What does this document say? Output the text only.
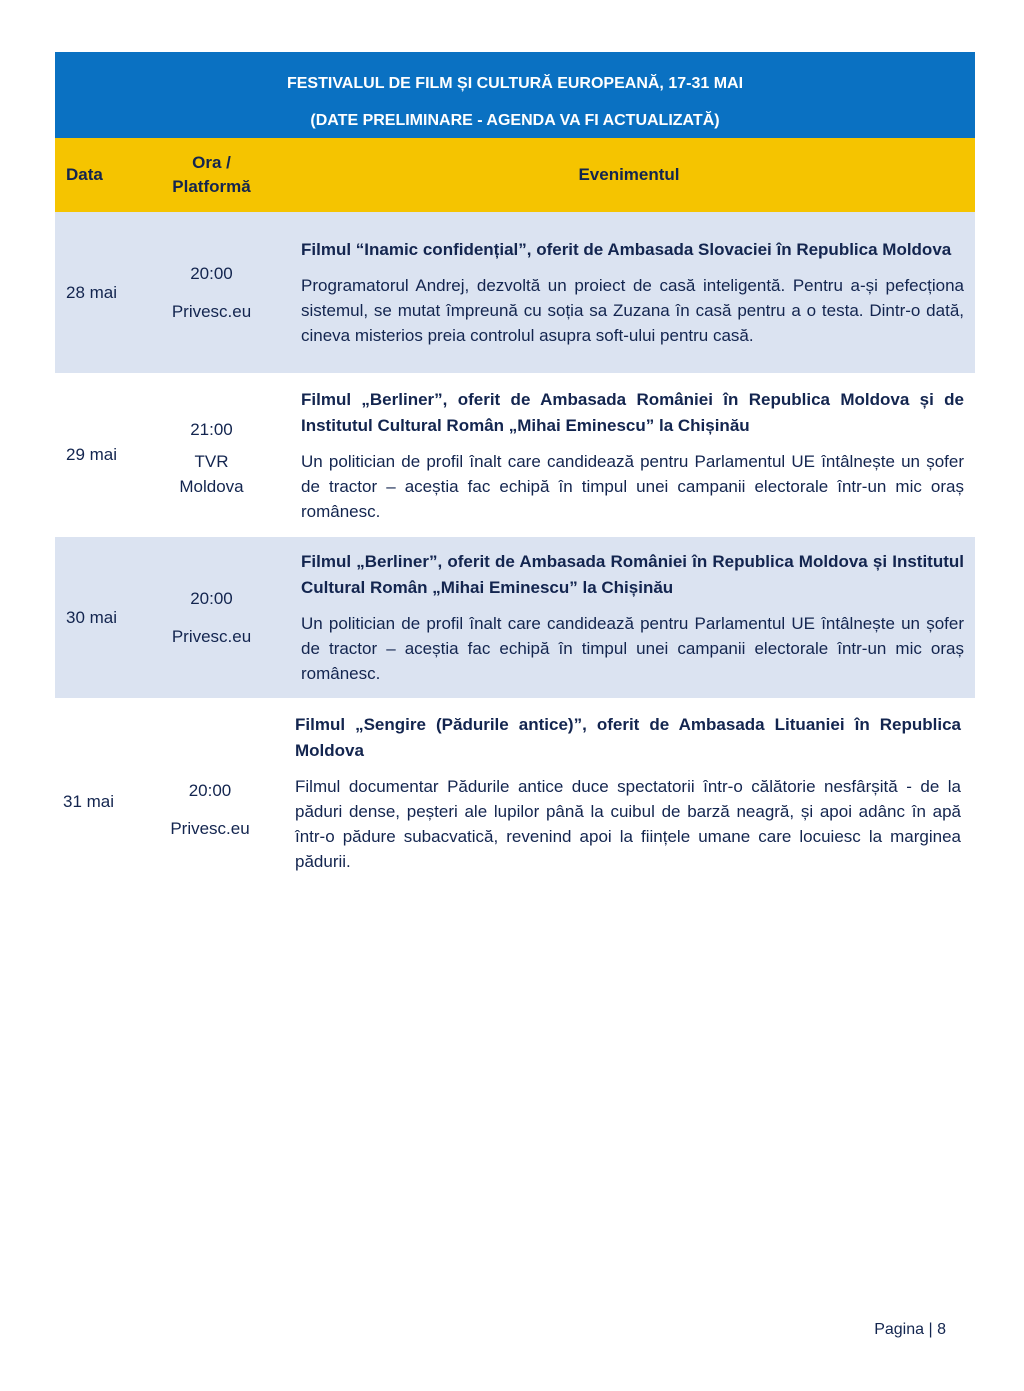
FESTIVALUL DE FILM ȘI CULTURĂ EUROPEANĂ, 17-31 MAI
(DATE PRELIMINARE - AGENDA VA FI ACTUALIZATĂ)
Data
Ora /
Platformă
Evenimentul
28 mai
20:00
Privesc.eu
Filmul “Inamic confidențial”, oferit de Ambasada Slovaciei în Republica Moldova
Programatorul Andrej, dezvoltă un proiect de casă inteligentă. Pentru a-și pefecționa sistemul, se mutat împreună cu soția sa Zuzana în casă pentru a o testa. Dintr-o dată, cineva misterios preia controlul asupra soft-ului pentru casă.
29 mai
21:00
TVR
Moldova
Filmul „Berliner”, oferit de Ambasada României în Republica Moldova și de Institutul Cultural Român „Mihai Eminescu” la Chișinău
Un politician de profil înalt care candidează pentru Parlamentul UE întâlnește un șofer de tractor – aceștia fac echipă în timpul unei campanii electorale într-un mic oraș românesc.
30 mai
20:00
Privesc.eu
Filmul „Berliner”, oferit de Ambasada României în Republica Moldova și Institutul Cultural Român „Mihai Eminescu” la Chișinău
Un politician de profil înalt care candidează pentru Parlamentul UE întâlnește un șofer de tractor – aceștia fac echipă în timpul unei campanii electorale într-un mic oraș românesc.
31 mai
20:00
Privesc.eu
Filmul „Sengire (Pădurile antice)”, oferit de Ambasada Lituaniei în Republica Moldova
Filmul documentar Pădurile antice duce spectatorii într-o călătorie nesfârșită - de la păduri dense, peșteri ale lupilor până la cuibul de barză neagră, și apoi adânc în apă într-o pădure subacvatică, revenind apoi la ființele umane care locuiesc la marginea pădurii.
Pagina | 8
